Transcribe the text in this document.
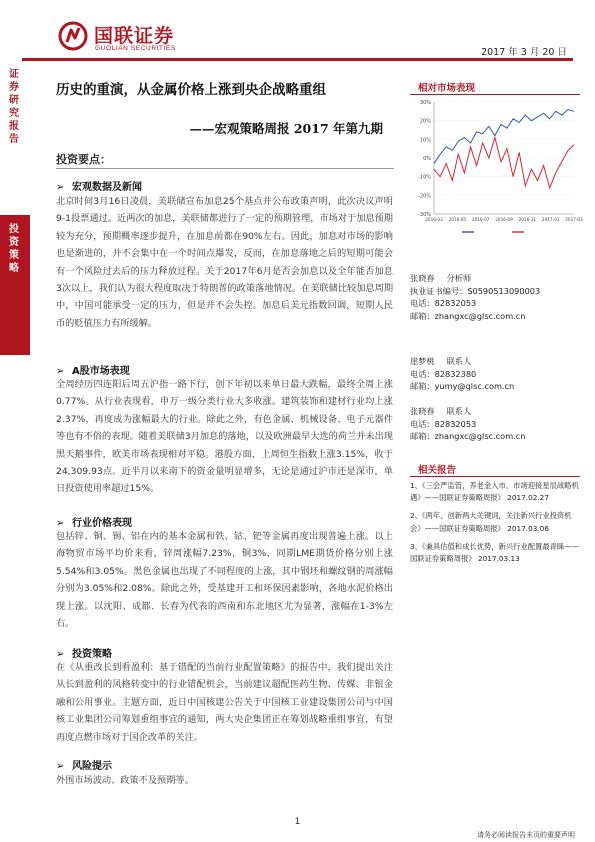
国联证券
GUOLIAN SECURITIES	2017 年 3 月 20 日
证券研究报告
投资策略
历史的重演，从金属价格上涨到央企战略重组
——宏观策略周报 2017 年第九期
投资要点：
➢ 宏观数据及新闻
北京时间3月16日凌晨，美联储宣布加息25个基点并公布政策声明，此次决议声明9-1投票通过。近两次的加息，美联储都进行了一定的预期管理，市场对于加息预期较为充分，预期概率逐步提升，在加息前都在90%左右。因此，加息对市场的影响也是渐进的，并不会集中在一个时间点爆发，反而，在加息落地之后的短期可能会有一个风险过去后的压力释放过程。关于2017年6月是否会加息以及全年能否加息3次以上，我们认为很大程度取决于特朗普的政策落地情况。在美联储比较加息周期中，中国可能承受一定的压力，但是并不会失控。加息后美元指数回调，短期人民币的贬值压力有所缓解。
➢ A股市场表现
全周经历四连阳后周五沪指一路下行，创下年初以来单日最大跌幅，最终全周上涨0.77%。从行业表现看，申万一级分类行业大多收涨。建筑装饰和建材行业均上涨2.37%，再度成为涨幅最大的行业。除此之外，有色金属、机械设备、电子元器件等也有不俗的表现。随着美联储3月加息的落地，以及欧洲最早大选的荷兰并未出现黑天鹅事件，欧美市场表现相对平稳。港股方面，上周恒生指数上涨3.15%，收于24,309.93点。近半月以来南下的资金量明显增多，无论是通过沪市还是深市，单日投资使用率超过15%。
➢ 行业价格表现
包括锌、铜、锡、铝在内的基本金属和铁、钴、钯等金属再度出现普遍上涨。以上海物贸市场平均价来看，锌周涨幅7.23%，铜3%，同期LME期货价格分别上涨5.54%和3.05%。黑色金属也出现了不同程度的上涨，其中钢坯和螺纹钢的周涨幅分别为3.05%和2.08%。除此之外，受基建开工和环保因素影响，各地水泥价格出现上涨。以沈阳、成都、长春为代表的西南和东北地区尤为显著，涨幅在1-3%左右。
➢ 投资策略
在《从重改长到看盈利：基于错配的当前行业配置策略》的报告中，我们提出关注从长到盈利的风格转变中的行业错配机会，当前建议超配医药生物、传媒、非银金融和公用事业。主题方面，近日中国核建公告关于中国核工业建设集团公司与中国核工业集团公司筹划重组事宜的通知，两大央企集团正在筹划战略重组事宜，有望再度点燃市场对于国企改革的关注。
➢ 风险提示
外围市场波动、政策不及预期等。
相对市场表现
30%
20%
10%
0%
-10%
-20%
-30%
2016-03 2016-05 2016-07 2016-09 2016-11 2017-01 2017-03
张晓春 分析师
执业证书编号：S0590513090003
电话：82832053
邮箱：zhangxc@glsc.com.cn
崖梦桃 联系人
电话：82832380
邮箱：yumy@glsc.com.cn
张晓春 联系人
电话：82832053
邮箱：zhangxc@glsc.com.cn
相关报告
1、《三会严监管，养老金入市，市场迎接星辰战略机遇》——国联证券策略周报》 2017.02.27
2、《两年、创新两大关键词，关注新兴行业投资机会》——国联证券策略周报》 2017.03.06
3、《兼具估值和成长优势，新兴行业配置最青睐——国联证券策略周报》 2017.03.13
1
请务必阅读报告末页的重要声明
